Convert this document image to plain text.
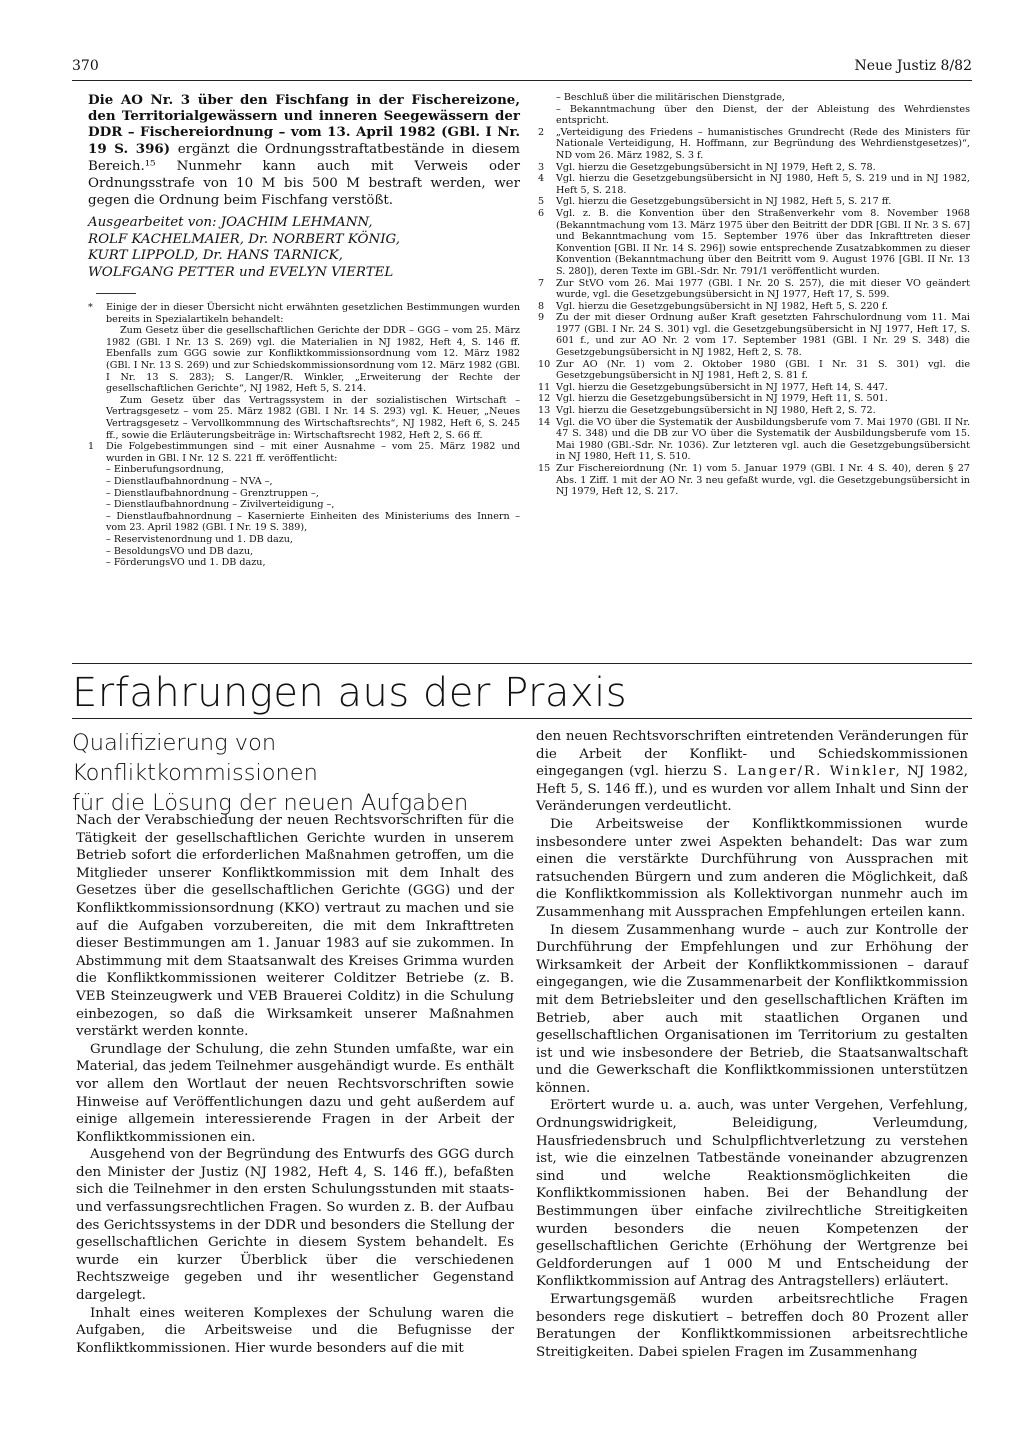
370	Neue Justiz 8/82
Die AO Nr. 3 über den Fischfang in der Fischereizone, den Territorialgewässern und inneren Seegewässern der DDR – Fischereiordnung – vom 13. April 1982 (GBl. I Nr. 19 S. 396) ergänzt die Ordnungsstraftatbestände in diesem Bereich.¹⁵ Nunmehr kann auch mit Verweis oder Ordnungsstrafe von 10 M bis 500 M bestraft werden, wer gegen die Ordnung beim Fischfang verstößt.
Ausgearbeitet von: JOACHIM LEHMANN,
ROLF KACHELMAIER, Dr. NORBERT KÖNIG,
KURT LIPPOLD, Dr. HANS TARNICK,
WOLFGANG PETTER und EVELYN VIERTEL
*	Einige der in dieser Übersicht nicht erwähnten gesetzlichen Bestimmungen wurden bereits in Spezialartikeln behandelt:
Zum Gesetz über die gesellschaftlichen Gerichte der DDR – GGG – vom 25. März 1982 (GBl. I Nr. 13 S. 269) vgl. die Materialien in NJ 1982, Heft 4, S. 146 ff. Ebenfalls zum GGG sowie zur Konfliktkommissionsordnung vom 12. März 1982 (GBl. I Nr. 13 S. 269) und zur Schiedskommissionsordnung vom 12. März 1982 (GBl. I Nr. 13 S. 283); S. Langer/R. Winkler, „Erweiterung der Rechte der gesellschaftlichen Gerichte“, NJ 1982, Heft 5, S. 214.
Zum Gesetz über das Vertragssystem in der sozialistischen Wirtschaft – Vertragsgesetz – vom 25. März 1982 (GBl. I Nr. 14 S. 293) vgl. K. Heuer, „Neues Vertragsgesetz – Vervollkommnung des Wirtschaftsrechts“, NJ 1982, Heft 6, S. 245 ff., sowie die Erläuterungsbeiträge in: Wirtschaftsrecht 1982, Heft 2, S. 66 ff.
1	Die Folgebestimmungen sind – mit einer Ausnahme – vom 25. März 1982 und wurden in GBl. I Nr. 12 S. 221 ff. veröffentlicht:
– Einberufungsordnung,
– Dienstlaufbahnordnung – NVA –,
– Dienstlaufbahnordnung – Grenztruppen –,
– Dienstlaufbahnordnung – Zivilverteidigung –,
– Dienstlaufbahnordnung – Kasernierte Einheiten des Ministeriums des Innern – vom 23. April 1982 (GBl. I Nr. 19 S. 389),
– Reservistenordnung und 1. DB dazu,
– BesoldungsVO und DB dazu,
– FörderungsVO und 1. DB dazu,
– Beschluß über die militärischen Dienstgrade,
– Bekanntmachung über den Dienst, der der Ableistung des Wehrdienstes entspricht.
2	„Verteidigung des Friedens – humanistisches Grundrecht (Rede des Ministers für Nationale Verteidigung, H. Hoffmann, zur Begründung des Wehrdienstgesetzes)“, ND vom 26. März 1982, S. 3 f.
3	Vgl. hierzu die Gesetzgebungsübersicht in NJ 1979, Heft 2, S. 78.
4	Vgl. hierzu die Gesetzgebungsübersicht in NJ 1980, Heft 5, S. 219 und in NJ 1982, Heft 5, S. 218.
5	Vgl. hierzu die Gesetzgebungsübersicht in NJ 1982, Heft 5, S. 217 ff.
6	Vgl. z. B. die Konvention über den Straßenverkehr vom 8. November 1968 (Bekanntmachung vom 13. März 1975 über den Beitritt der DDR [GBl. II Nr. 3 S. 67] und Bekanntmachung vom 15. September 1976 über das Inkrafttreten dieser Konvention [GBl. II Nr. 14 S. 296]) sowie entsprechende Zusatzabkommen zu dieser Konvention (Bekanntmachung über den Beitritt vom 9. August 1976 [GBl. II Nr. 13 S. 280]), deren Texte im GBl.-Sdr. Nr. 791/1 veröffentlicht wurden.
7	Zur StVO vom 26. Mai 1977 (GBl. I Nr. 20 S. 257), die mit dieser VO geändert wurde, vgl. die Gesetzgebungsübersicht in NJ 1977, Heft 17, S. 599.
8	Vgl. hierzu die Gesetzgebungsübersicht in NJ 1982, Heft 5, S. 220 f.
9	Zu der mit dieser Ordnung außer Kraft gesetzten Fahrschulordnung vom 11. Mai 1977 (GBl. I Nr. 24 S. 301) vgl. die Gesetzgebungsübersicht in NJ 1977, Heft 17, S. 601 f., und zur AO Nr. 2 vom 17. September 1981 (GBl. I Nr. 29 S. 348) die Gesetzgebungsübersicht in NJ 1982, Heft 2, S. 78.
10 Zur AO (Nr. 1) vom 2. Oktober 1980 (GBl. I Nr. 31 S. 301) vgl. die Gesetzgebungsübersicht in NJ 1981, Heft 2, S. 81 f.
11 Vgl. hierzu die Gesetzgebungsübersicht in NJ 1977, Heft 14, S. 447.
12 Vgl. hierzu die Gesetzgebungsübersicht in NJ 1979, Heft 11, S. 501.
13 Vgl. hierzu die Gesetzgebungsübersicht in NJ 1980, Heft 2, S. 72.
14 Vgl. die VO über die Systematik der Ausbildungsberufe vom 7. Mai 1970 (GBl. II Nr. 47 S. 348) und die DB zur VO über die Systematik der Ausbildungsberufe vom 15. Mai 1980 (GBl.-Sdr. Nr. 1036). Zur letzteren vgl. auch die Gesetzgebungsübersicht in NJ 1980, Heft 11, S. 510.
15 Zur Fischereiordnung (Nr. 1) vom 5. Januar 1979 (GBl. I Nr. 4 S. 40), deren § 27 Abs. 1 Ziff. 1 mit der AO Nr. 3 neu gefaßt wurde, vgl. die Gesetzgebungsübersicht in NJ 1979, Heft 12, S. 217.
Erfahrungen aus der Praxis
Qualifizierung von Konfliktkommissionen
für die Lösung der neuen Aufgaben

Nach der Verabschiedung der neuen Rechtsvorschriften für die Tätigkeit der gesellschaftlichen Gerichte wurden in unserem Betrieb sofort die erforderlichen Maßnahmen getroffen, um die Mitglieder unserer Konfliktkommission mit dem Inhalt des Gesetzes über die gesellschaftlichen Gerichte (GGG) und der Konfliktkommissionsordnung (KKO) vertraut zu machen und sie auf die Aufgaben vorzubereiten, die mit dem Inkrafttreten dieser Bestimmungen am 1. Januar 1983 auf sie zukommen. In Abstimmung mit dem Staatsanwalt des Kreises Grimma wurden die Konfliktkommissionen weiterer Colditzer Betriebe (z. B. VEB Steinzeugwerk und VEB Brauerei Colditz) in die Schulung einbezogen, so daß die Wirksamkeit unserer Maßnahmen verstärkt werden konnte.

Grundlage der Schulung, die zehn Stunden umfaßte, war ein Material, das jedem Teilnehmer ausgehändigt wurde. Es enthält vor allem den Wortlaut der neuen Rechtsvorschriften sowie Hinweise auf Veröffentlichungen dazu und geht außerdem auf einige allgemein interessierende Fragen in der Arbeit der Konfliktkommissionen ein.

Ausgehend von der Begründung des Entwurfs des GGG durch den Minister der Justiz (NJ 1982, Heft 4, S. 146 ff.), befaßten sich die Teilnehmer in den ersten Schulungsstunden mit staats- und verfassungsrechtlichen Fragen. So wurden z. B. der Aufbau des Gerichtssystems in der DDR und besonders die Stellung der gesellschaftlichen Gerichte in diesem System behandelt. Es wurde ein kurzer Überblick über die verschiedenen Rechtszweige gegeben und ihr wesentlicher Gegenstand dargelegt.

Inhalt eines weiteren Komplexes der Schulung waren die Aufgaben, die Arbeitsweise und die Befugnisse der Konfliktkommissionen. Hier wurde besonders auf die mit

den neuen Rechtsvorschriften eintretenden Veränderungen für die Arbeit der Konflikt- und Schiedskommissionen eingegangen (vgl. hierzu S. Langer/R. Winkler, NJ 1982, Heft 5, S. 146 ff.), und es wurden vor allem Inhalt und Sinn der Veränderungen verdeutlicht.

Die Arbeitsweise der Konfliktkommissionen wurde insbesondere unter zwei Aspekten behandelt: Das war zum einen die verstärkte Durchführung von Aussprachen mit ratsuchenden Bürgern und zum anderen die Möglichkeit, daß die Konfliktkommission als Kollektivorgan nunmehr auch im Zusammenhang mit Aussprachen Empfehlungen erteilen kann.

In diesem Zusammenhang wurde – auch zur Kontrolle der Durchführung der Empfehlungen und zur Erhöhung der Wirksamkeit der Arbeit der Konfliktkommissionen – darauf eingegangen, wie die Zusammenarbeit der Konfliktkommission mit dem Betriebsleiter und den gesellschaftlichen Kräften im Betrieb, aber auch mit staatlichen Organen und gesellschaftlichen Organisationen im Territorium zu gestalten ist und wie insbesondere der Betrieb, die Staatsanwaltschaft und die Gewerkschaft die Konfliktkommissionen unterstützen können.

Erörtert wurde u. a. auch, was unter Vergehen, Verfehlung, Ordnungswidrigkeit, Beleidigung, Verleumdung, Hausfriedensbruch und Schulpflichtverletzung zu verstehen ist, wie die einzelnen Tatbestände voneinander abzugrenzen sind und welche Reaktionsmöglichkeiten die Konfliktkommissionen haben. Bei der Behandlung der Bestimmungen über einfache zivilrechtliche Streitigkeiten wurden besonders die neuen Kompetenzen der gesellschaftlichen Gerichte (Erhöhung der Wertgrenze bei Geldforderungen auf 1 000 M und Entscheidung der Konfliktkommission auf Antrag des Antragstellers) erläutert.

Erwartungsgemäß wurden arbeitsrechtliche Fragen besonders rege diskutiert – betreffen doch 80 Prozent aller Beratungen der Konfliktkommissionen arbeitsrechtliche Streitigkeiten. Dabei spielen Fragen im Zusammenhang
